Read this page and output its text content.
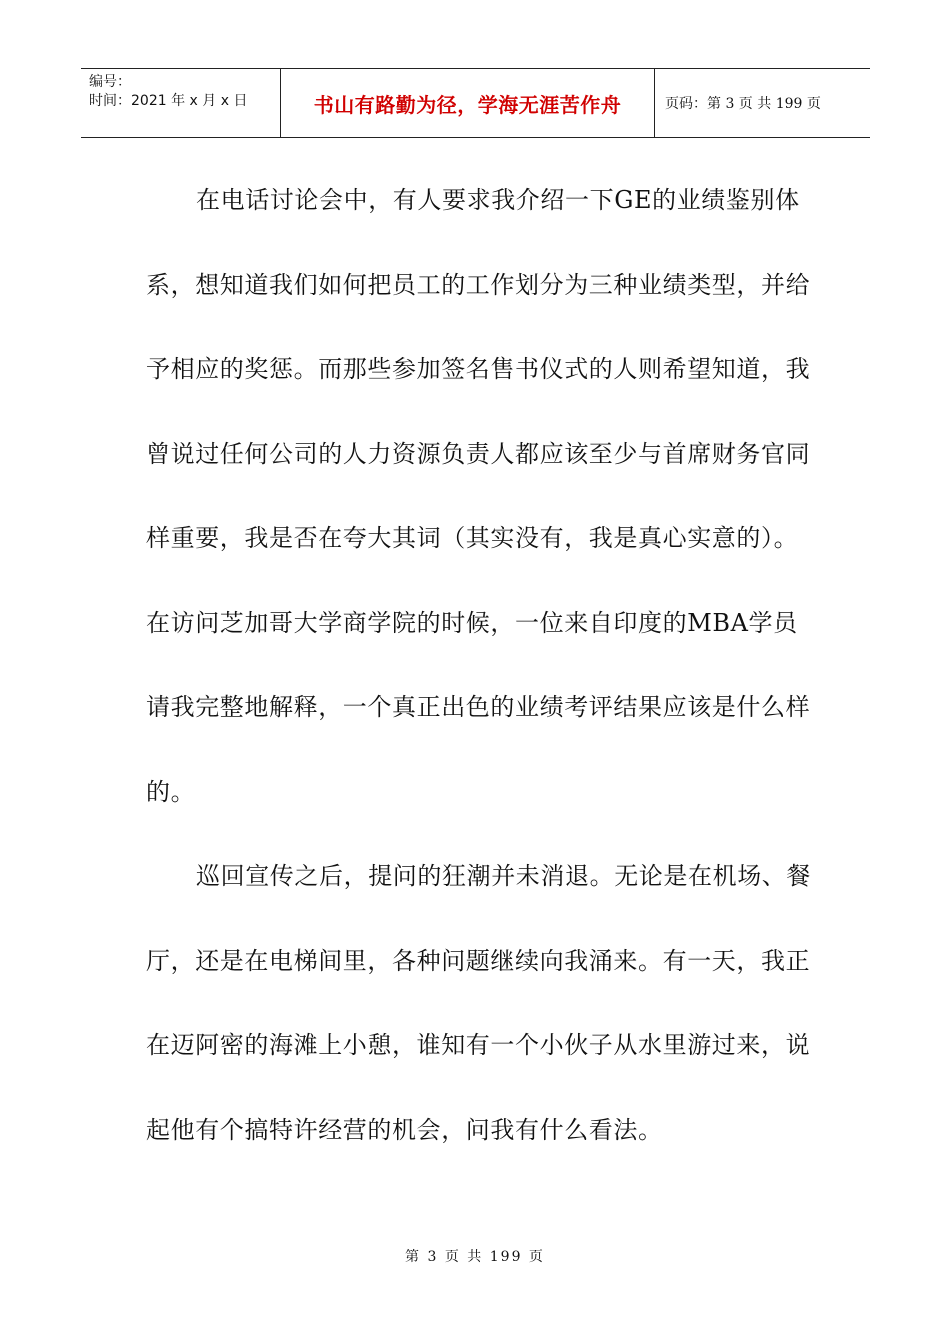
编号：
时间：2021 年 x 月 x 日	书山有路勤为径，学海无涯苦作舟	页码：第 3 页 共 199 页

在电话讨论会中，有人要求我介绍一下GE的业绩鉴别体系，想知道我们如何把员工的工作划分为三种业绩类型，并给予相应的奖惩。而那些参加签名售书仪式的人则希望知道，我曾说过任何公司的人力资源负责人都应该至少与首席财务官同样重要，我是否在夸大其词（其实没有，我是真心实意的）。在访问芝加哥大学商学院的时候，一位来自印度的MBA学员请我完整地解释，一个真正出色的业绩考评结果应该是什么样的。

巡回宣传之后，提问的狂潮并未消退。无论是在机场、餐厅，还是在电梯间里，各种问题继续向我涌来。有一天，我正在迈阿密的海滩上小憩，谁知有一个小伙子从水里游过来，说起他有个搞特许经营的机会，问我有什么看法。

第 3 页 共 199 页
